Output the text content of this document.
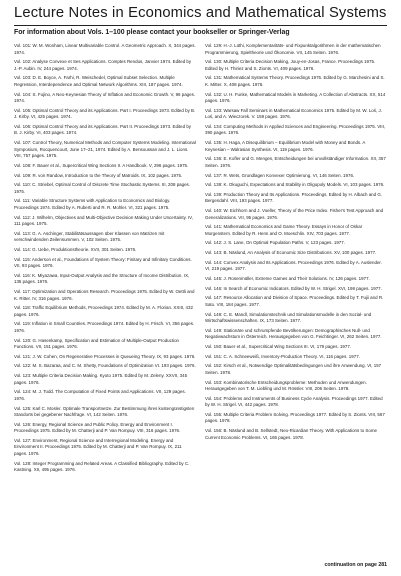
Lecture Notes in Economics and Mathematical Systems
For information about Vols. 1–100 please contact your bookseller or Springer-Verlag

Vol. 101: W. M. Wonham, Linear Multivariable Control. A Geometric Approach. X, 344 pages. 1974.

Vol. 102: Analyse Convexe et Ses Applications. Comptes Rendus, Janvier 1974. Edited by J.-P. Aubin. IV, 244 pages. 1974.

Vol. 103: D. E. Boyce, A. Farhi, R. Weischedel, Optimal Subset Selection. Multiple Regression, Interdependence and Optimal Network Algorithms. XIII, 187 pages. 1974.

Vol. 104: S. Fujino, A Neo-Keynesian Theory of Inflation and Economic Growth. V, 96 pages. 1974.

Vol. 105: Optimal Control Theory and its Applications. Part I. Proceedings 1973. Edited by B. J. Kirby. VI, 425 pages. 1974.

Vol. 106: Optimal Control Theory and its Applications. Part II. Proceedings 1973. Edited by B. J. Kirby. VI, 403 pages. 1974.

Vol. 107: Control Theory, Numerical Methods and Computer Systems Modeling. International Symposium, Rocquencourt, June 17–21, 1974. Edited by A. Bensoussan and J. L. Lions. VIII, 757 pages. 1975.

Vol. 108: F. Bauer et al., Supercritical Wing Sections II. A Handbook. V, 296 pages. 1975.

Vol. 109: R. von Randow, Introduction to the Theory of Matroids. IX, 102 pages. 1975.

Vol. 110: C. Striebel, Optimal Control of Discrete Time Stochastic Systems. III, 208 pages. 1975.

Vol. 111: Variable Structure Systems with Application to Economics and Biology. Proceedings 1974. Edited by A. Ruberti and R. R. Mohler. VI, 321 pages. 1975.

Vol. 112: J. Wilhelm, Objectives and Multi-Objective Decision Making Under Uncertainty. IV, 111 pages. 1975.

Vol. 113: G. A. Aschinger, Stabilitätsaussagen über Klassen von Matrizen mit verschwindenden Zeilensummen. V, 102 Seiten. 1975.

Vol. 114: G. Uebe, Produktionstheorie. XVII, 301 Seiten. 1976.

Vol. 115: Anderson et al., Foundations of System Theory: Finitary and Infinitary Conditions. VII, 93 pages. 1976.

Vol. 116: K. Miyazawa, Input-Output Analysis and the Structure of Income Distribution. IX, 135 pages. 1976.

Vol. 117: Optimization and Operations Research. Proceedings 1975. Edited by W. Oettli and K. Ritter. IV, 316 pages. 1976.

Vol. 118: Traffic Equilibrium Methods, Proceedings 1974. Edited by M. A. Florian. XXIII, 432 pages. 1976.

Vol. 119: Inflation in Small Countries. Proceedings 1974. Edited by H. Frisch. VI, 356 pages. 1976.

Vol. 120: G. Hasenkamp, Specification and Estimation of Multiple-Output Production Functions. VII, 151 pages. 1976.

Vol. 121: J. W. Cohen, On Regenerative Processes in Queueing Theory. IX, 93 pages. 1976.

Vol. 122: M. S. Bazaraa, and C. M. Shetty, Foundations of Optimization VI. 193 pages. 1976.

Vol. 123: Multiple Criteria Decision Making. Kyoto 1975. Edited by M. Zeleny. XXVII, 345 pages. 1976.

Vol. 124: M. J. Todd. The Computation of Fixed Points and Applications. VII, 129 pages. 1976.

Vol. 125: Karl C. Mosler. Optimale Transportnetze. Zur Bestimmung ihres kostengünstigsten Standorts bei gegebener Nachfrage. VI, 142 Seiten. 1976.

Vol. 126: Energy, Regional Science and Public Policy. Energy and Environment I. Proceedings 1975. Edited by M. Chatterji and P. Van Rompuy. VIII, 316 pages. 1976.

Vol. 127: Environment, Regional Science and Interregional Modeling. Energy and Environment II. Proceedings 1975. Edited by M. Chatterji and P. Van Rompuy. IX, 211 pages. 1976.

Vol. 128: Integer Programming and Related Areas. A Classified Bibliography. Edited by C. Kastning. XII, 495 pages. 1976.

Vol. 129: H.-J. Lüthi, Komplementaritäts- und Fixpunktalgorithmen in der mathematischen Programmierung, Spieltheorie und Ökonomie. VII, 145 Seiten. 1976.

Vol. 130: Multiple Criteria Decision Making, Jouy-en-Josas, France. Proceedings 1975. Edited by H. Thiriez and S. Zionts. VI, 409 pages. 1976.

Vol. 131: Mathematical Systems Theory. Proceedings 1975. Edited by G. Marchesini and S. K. Mitter. X, 408 pages. 1976.

Vol. 132: U. H. Funke, Mathematical Models in Marketing. A Collection of Abstracts. XX, 514 pages. 1976.

Vol. 133: Warsaw Fall Seminars in Mathematical Economics 1975. Edited by M. W. Loś, J. Loś, and A. Wieczorek. V. 159 pages. 1976.

Vol. 134: Computing Methods in Applied Sciences and Engineering. Proceedings 1975. VIII, 390 pages. 1976.

Vol. 135: H. Haga, A Disequilibrium – Equilibrium Model with Money and Bonds. A Keynesian – Walrasian Synthesis. VI, 119 pages. 1976.

Vol. 136: E. Kofler und G. Menges, Entscheidungen bei unvollständiger Information. XII, 357 Seiten. 1976.

Vol. 137: R. Wets, Grundlagen Konvexer Optimierung. VI, 146 Seiten. 1976.

Vol. 138: K. Okuguchi, Expectations and Stability in Oligopoly Models. VI, 103 pages. 1976.

Vol. 139: Production Theory and Its Applications. Proceedings. Edited by H. Albach and G. Bergendahl. VIII, 193 pages. 1977.

Vol. 140: W. Eichhorn and J. Voeller, Theory of the Price Index. Fisher's Test Approach and Generalizations. VII, 95 pages. 1976.

Vol. 141: Mathematical Economics and Game Theory. Essays in Honor of Oskar Morgenstern. Edited by R. Henn and O. Moeschlin. XIV, 703 pages. 1977.

Vol. 142: J. S. Lane, On Optimal Population Paths. V, 123 pages. 1977.

Vol. 143: B. Näslund, An Analysis of Economic Size Distributions. XV, 100 pages. 1977.

Vol. 144: Convex Analysis and Its Applications. Proceedings 1976. Edited by A. Auslender. VI, 219 pages. 1977.

Vol. 145: J. Rosenmüller, Extreme Games and Their Solutions. IV, 126 pages. 1977.

Vol. 146: In Search of Economic Indicators. Edited by W. H. Strigel. XVI, 198 pages. 1977.

Vol. 147: Resource Allocation and Division of Space. Proceedings. Edited by T. Fujii and R. Sato. VIII, 184 pages. 1977.

Vol. 148: C. E. Mandl, Simulationstechnik und Simulationsmodelle in den Sozial- und Wirtschaftswissenschaften. IX, 173 Seiten. 1977.

Vol. 149: Stationäre und schrumpfende Bevölkerungen: Demographisches Null- und Negativwachstum in Österreich. Herausgegeben von G. Feichtinger. VI, 262 Seiten. 1977.

Vol. 150: Bauer et al., Supercritical Wing Sections III. VI, 179 pages. 1977.

Vol. 151: C. A. Schneeweiß, Inventory-Production Theory. VI, 116 pages. 1977.

Vol. 152: Kirsch et al., Notwendige Optimalitätsbedingungen und ihre Anwendung. VI, 157 Seiten. 1978.

Vol. 153: Kombinatorische Entscheidungsprobleme: Methoden und Anwendungen. Herausgegeben von T. M. Liebling und M. Rössler. VIII, 206 Seiten. 1978.

Vol. 154: Problems and Instruments of Business Cycle Analysis. Proceedings 1977. Edited by W. H. Strigel. VI, 442 pages. 1978.

Vol. 155: Multiple Criteria Problem Solving. Proceedings 1977. Edited by S. Zionts. VIII, 567 pages. 1978.

Vol. 156: B. Näslund and B. Sellstedt, Neo-Ricardian Theory. With Applications to Some Current Economic Problems. VI, 165 pages. 1978.

continuation on page 281
